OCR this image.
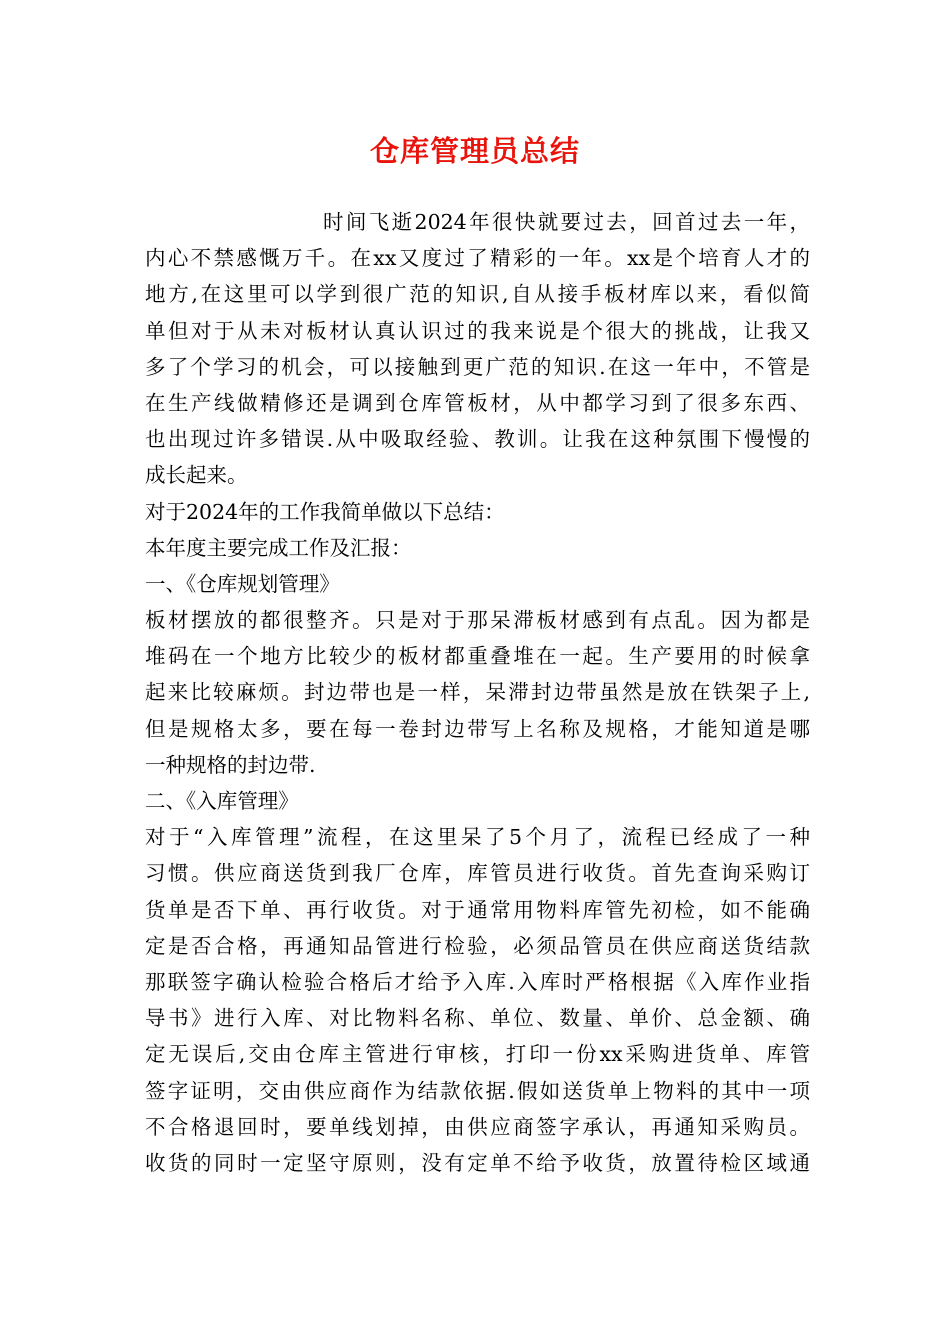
仓库管理员总结
时间飞逝2024年很快就要过去，回首过去一年，
内心不禁感慨万千。在xx又度过了精彩的一年。xx是个培育人才的
地方,在这里可以学到很广范的知识,自从接手板材库以来，看似简
单但对于从未对板材认真认识过的我来说是个很大的挑战，让我又
多了个学习的机会，可以接触到更广范的知识.在这一年中，不管是
在生产线做精修还是调到仓库管板材，从中都学习到了很多东西、
也出现过许多错误.从中吸取经验、教训。让我在这种氛围下慢慢的
成长起来。
对于2024年的工作我简单做以下总结：
本年度主要完成工作及汇报：
一、《仓库规划管理》
板材摆放的都很整齐。只是对于那呆滞板材感到有点乱。因为都是
堆码在一个地方比较少的板材都重叠堆在一起。生产要用的时候拿
起来比较麻烦。封边带也是一样，呆滞封边带虽然是放在铁架子上,
但是规格太多，要在每一卷封边带写上名称及规格，才能知道是哪
一种规格的封边带.
二、《入库管理》
对于“入库管理”流程，在这里呆了5个月了，流程已经成了一种
习惯。供应商送货到我厂仓库，库管员进行收货。首先查询采购订
货单是否下单、再行收货。对于通常用物料库管先初检，如不能确
定是否合格，再通知品管进行检验，必须品管员在供应商送货结款
那联签字确认检验合格后才给予入库.入库时严格根据《入库作业指
导书》进行入库、对比物料名称、单位、数量、单价、总金额、确
定无误后,交由仓库主管进行审核，打印一份xx采购进货单、库管
签字证明，交由供应商作为结款依据.假如送货单上物料的其中一项
不合格退回时，要单线划掉，由供应商签字承认，再通知采购员。
收货的同时一定坚守原则，没有定单不给予收货，放置待检区域通
